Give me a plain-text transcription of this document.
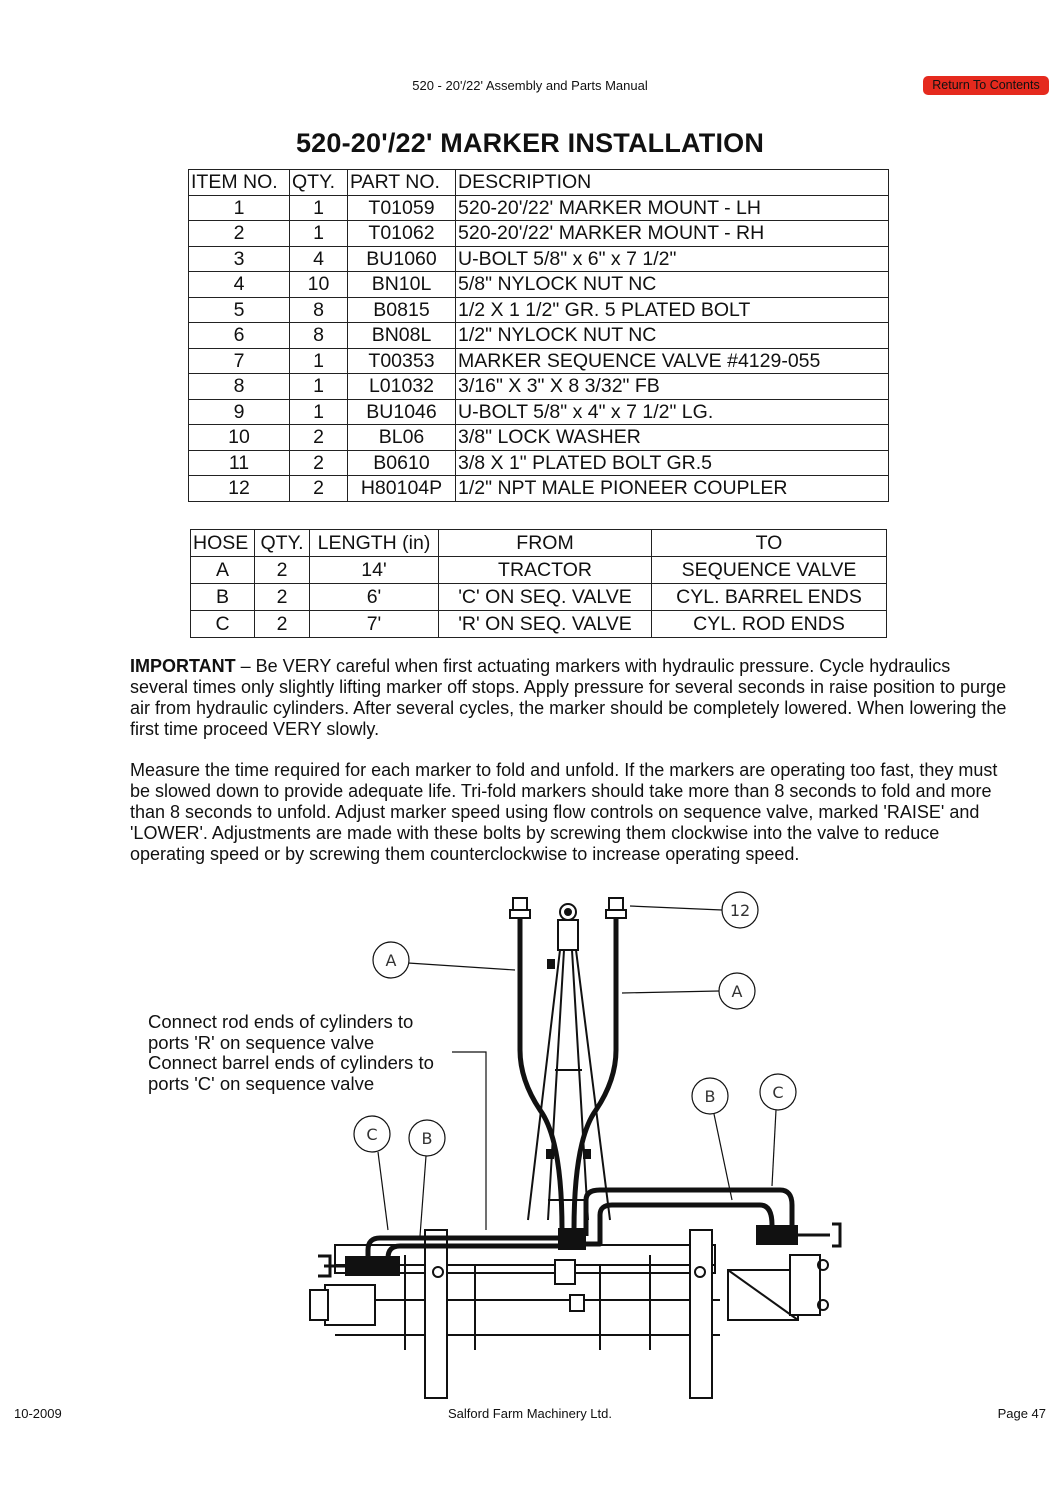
520 - 20'/22' Assembly and Parts Manual	Return To Contents
520-20'/22' MARKER INSTALLATION
ITEM NO.	QTY.	PART NO.	DESCRIPTION
1	1	T01059	520-20'/22' MARKER MOUNT - LH
2	1	T01062	520-20'/22' MARKER MOUNT - RH
3	4	BU1060	U-BOLT 5/8" x 6" x 7 1/2"
4	10	BN10L	5/8" NYLOCK NUT NC
5	8	B0815	1/2 X 1 1/2" GR. 5 PLATED BOLT
6	8	BN08L	1/2" NYLOCK NUT NC
7	1	T00353	MARKER SEQUENCE VALVE #4129-055
8	1	L01032	3/16" X 3" X 8 3/32" FB
9	1	BU1046	U-BOLT 5/8" x 4" x 7 1/2" LG.
10	2	BL06	3/8" LOCK WASHER
11	2	B0610	3/8 X 1" PLATED BOLT GR.5
12	2	H80104P	1/2" NPT MALE PIONEER COUPLER
HOSE	QTY.	LENGTH (in)	FROM	TO
A	2	14'	TRACTOR	SEQUENCE VALVE
B	2	6'	'C' ON SEQ. VALVE	CYL. BARREL ENDS
C	2	7'	'R' ON SEQ. VALVE	CYL. ROD ENDS
IMPORTANT – Be VERY careful when first actuating markers with hydraulic pressure. Cycle hydraulics several times only slightly lifting marker off stops. Apply pressure for several seconds in raise position to purge air from hydraulic cylinders. After several cycles, the marker should be completely lowered. When lowering the first time proceed VERY slowly.
Measure the time required for each marker to fold and unfold. If the markers are operating too fast, they must be slowed down to provide adequate life. Tri-fold markers should take more than 8 seconds to fold and more than 8 seconds to unfold. Adjust marker speed using flow controls on sequence valve, marked 'RAISE' and 'LOWER'. Adjustments are made with these bolts by screwing them clockwise into the valve to reduce operating speed or by screwing them counterclockwise to increase operating speed.
12
A
A
C	B
B	C
Connect rod ends of cylinders to ports 'R' on sequence valve
Connect barrel ends of cylinders to ports 'C' on sequence valve
10-2009	Salford Farm Machinery Ltd.	Page 47
